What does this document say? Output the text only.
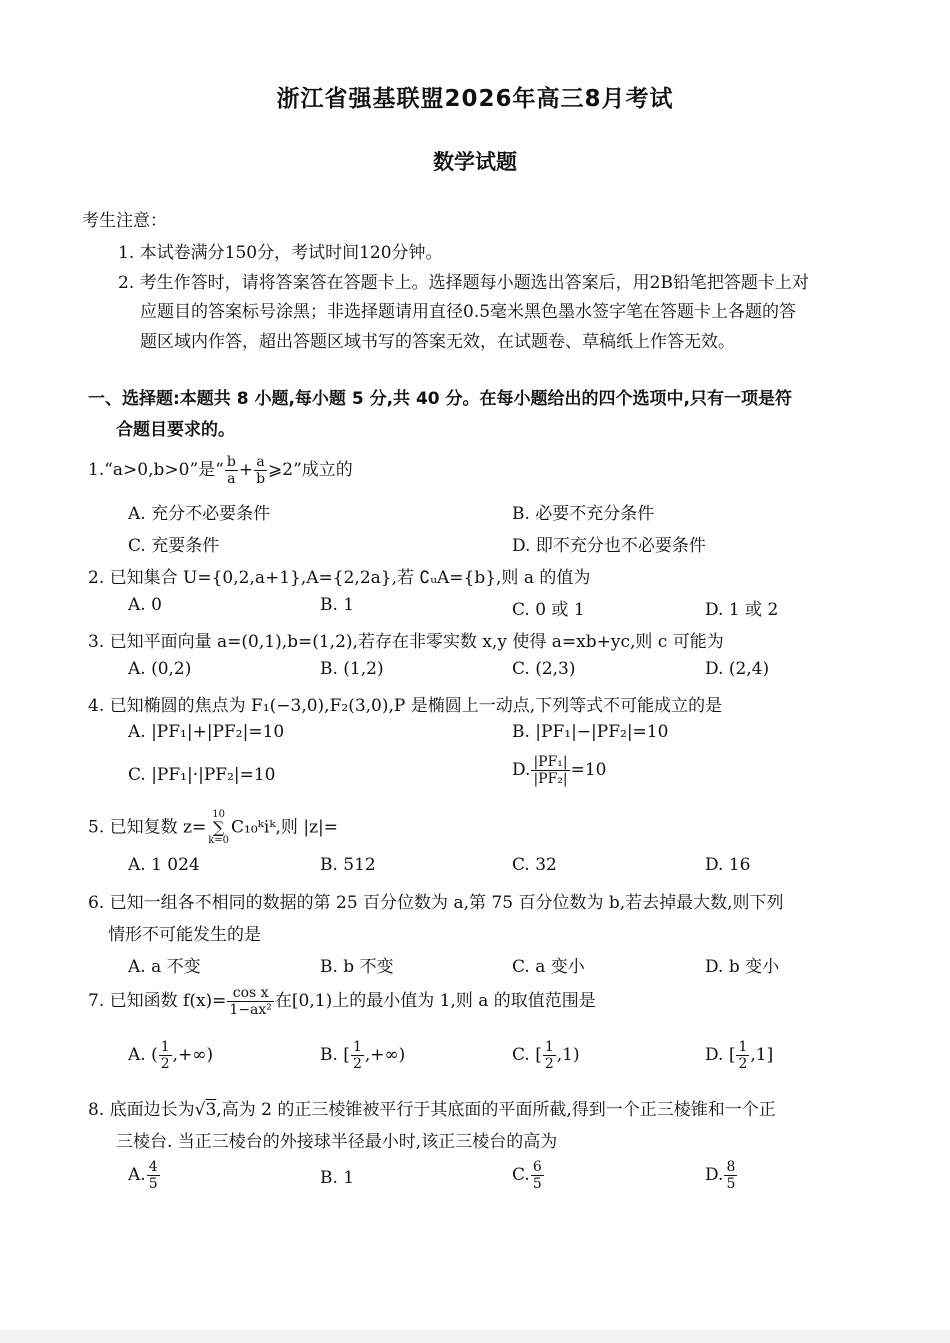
浙江省强基联盟2026年高三8月考试
数学试题
考生注意：
1. 本试卷满分150分，考试时间120分钟。
2. 考生作答时，请将答案答在答题卡上。选择题每小题选出答案后，用2B铅笔把答题卡上对
应题目的答案标号涂黑；非选择题请用直径0.5毫米黑色墨水签字笔在答题卡上各题的答
题区域内作答，超出答题区域书写的答案无效，在试题卷、草稿纸上作答无效。
一、选择题:本题共 8 小题,每小题 5 分,共 40 分。在每小题给出的四个选项中,只有一项是符
合题目要求的。
1.“a>0,b>0”是“ $\frac{b}{a} + \frac{a}{b}$ ⩾2”成立的
A. 充分不必要条件	B. 必要不充分条件
C. 充要条件	D. 即不充分也不必要条件
2. 已知集合 U={0,2,a+1},A={2,2a},若 ∁ᵤA={b},则 a 的值为
A. 0	B. 1	C. 0 或 1	D. 1 或 2
3. 已知平面向量 a=(0,1),b=(1,2),若存在非零实数 x,y 使得 a=xb+yc,则 c 可能为
A. (0,2)	B. (1,2)	C. (2,3)	D. (2,4)
4. 已知椭圆的焦点为 F₁(−3,0),F₂(3,0),P 是椭圆上一动点,下列等式不可能成立的是
A. |PF₁|+|PF₂|=10	B. |PF₁|−|PF₂|=10
C. |PF₁|·|PF₂|=10	D. $\frac{\text{|PF₁|}}{\text{|PF₂|}} =10$
5. 已知复数 z=10
∑
k=0C₁₀ᵏiᵏ,则 |z|=
A. 1 024	B. 512	C. 32	D. 16
6. 已知一组各不相同的数据的第 25 百分位数为 a,第 75 百分位数为 b,若去掉最大数,则下列
情形不可能发生的是
A. a 不变	B. b 不变	C. a 变小	D. b 变小
7. 已知函数 $f(x)= \frac{\text{cos x}}{\text{1−ax²}}$ 在[0,1)上的最小值为 1,则 a 的取值范围是
A. ( $\frac{1}{2}$ ,+∞)	B. [ $\frac{1}{2}$ ,+∞)	C. [ $\frac{1}{2} ,1$)	D. [ $\frac{1}{2} ,1$]
8. 底面边长为√3,高为 2 的正三棱锥被平行于其底面的平面所截,得到一个正三棱锥和一个正
三棱台. 当正三棱台的外接球半径最小时,该正三棱台的高为
A. $\frac{4}{5}$	B. 1	C. $\frac{6}{5}$	D. $\frac{8}{5}$
